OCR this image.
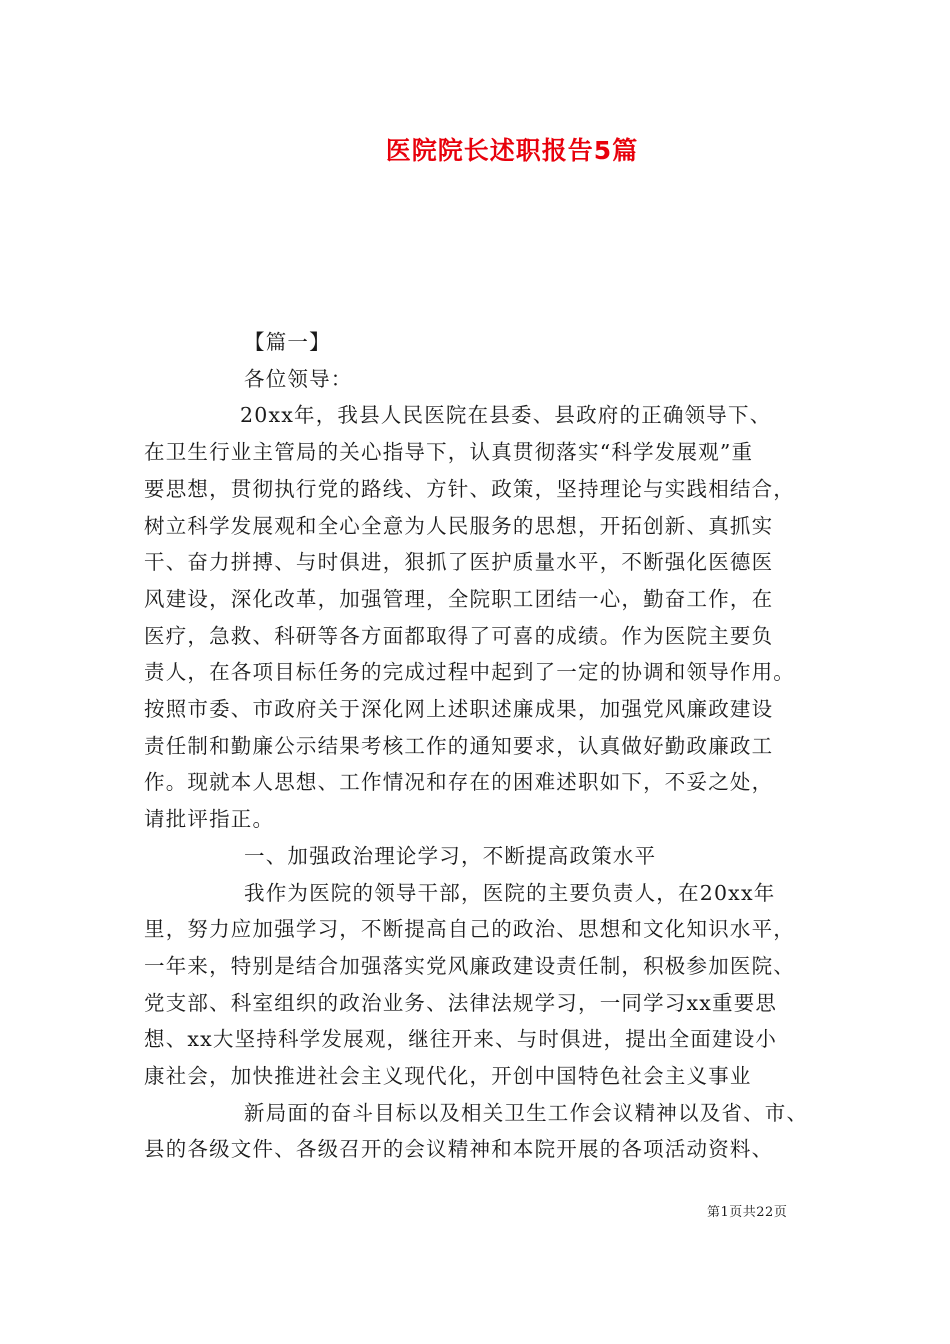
医院院长述职报告5篇
【篇一】
各位领导：
20xx年，我县人民医院在县委、县政府的正确领导下、
在卫生行业主管局的关心指导下，认真贯彻落实“科学发展观”重
要思想，贯彻执行党的路线、方针、政策，坚持理论与实践相结合，
树立科学发展观和全心全意为人民服务的思想，开拓创新、真抓实
干、奋力拼搏、与时俱进，狠抓了医护质量水平，不断强化医德医
风建设，深化改革，加强管理，全院职工团结一心，勤奋工作，在
医疗，急救、科研等各方面都取得了可喜的成绩。作为医院主要负
责人，在各项目标任务的完成过程中起到了一定的协调和领导作用。
按照市委、市政府关于深化网上述职述廉成果，加强党风廉政建设
责任制和勤廉公示结果考核工作的通知要求，认真做好勤政廉政工
作。现就本人思想、工作情况和存在的困难述职如下，不妥之处，
请批评指正。
一、加强政治理论学习，不断提高政策水平
我作为医院的领导干部，医院的主要负责人，在20xx年
里，努力应加强学习，不断提高自己的政治、思想和文化知识水平，
一年来，特别是结合加强落实党风廉政建设责任制，积极参加医院、
党支部、科室组织的政治业务、法律法规学习，一同学习xx重要思
想、xx大坚持科学发展观，继往开来、与时俱进，提出全面建设小
康社会，加快推进社会主义现代化，开创中国特色社会主义事业
新局面的奋斗目标以及相关卫生工作会议精神以及省、市、
县的各级文件、各级召开的会议精神和本院开展的各项活动资料、
第1页共22页
